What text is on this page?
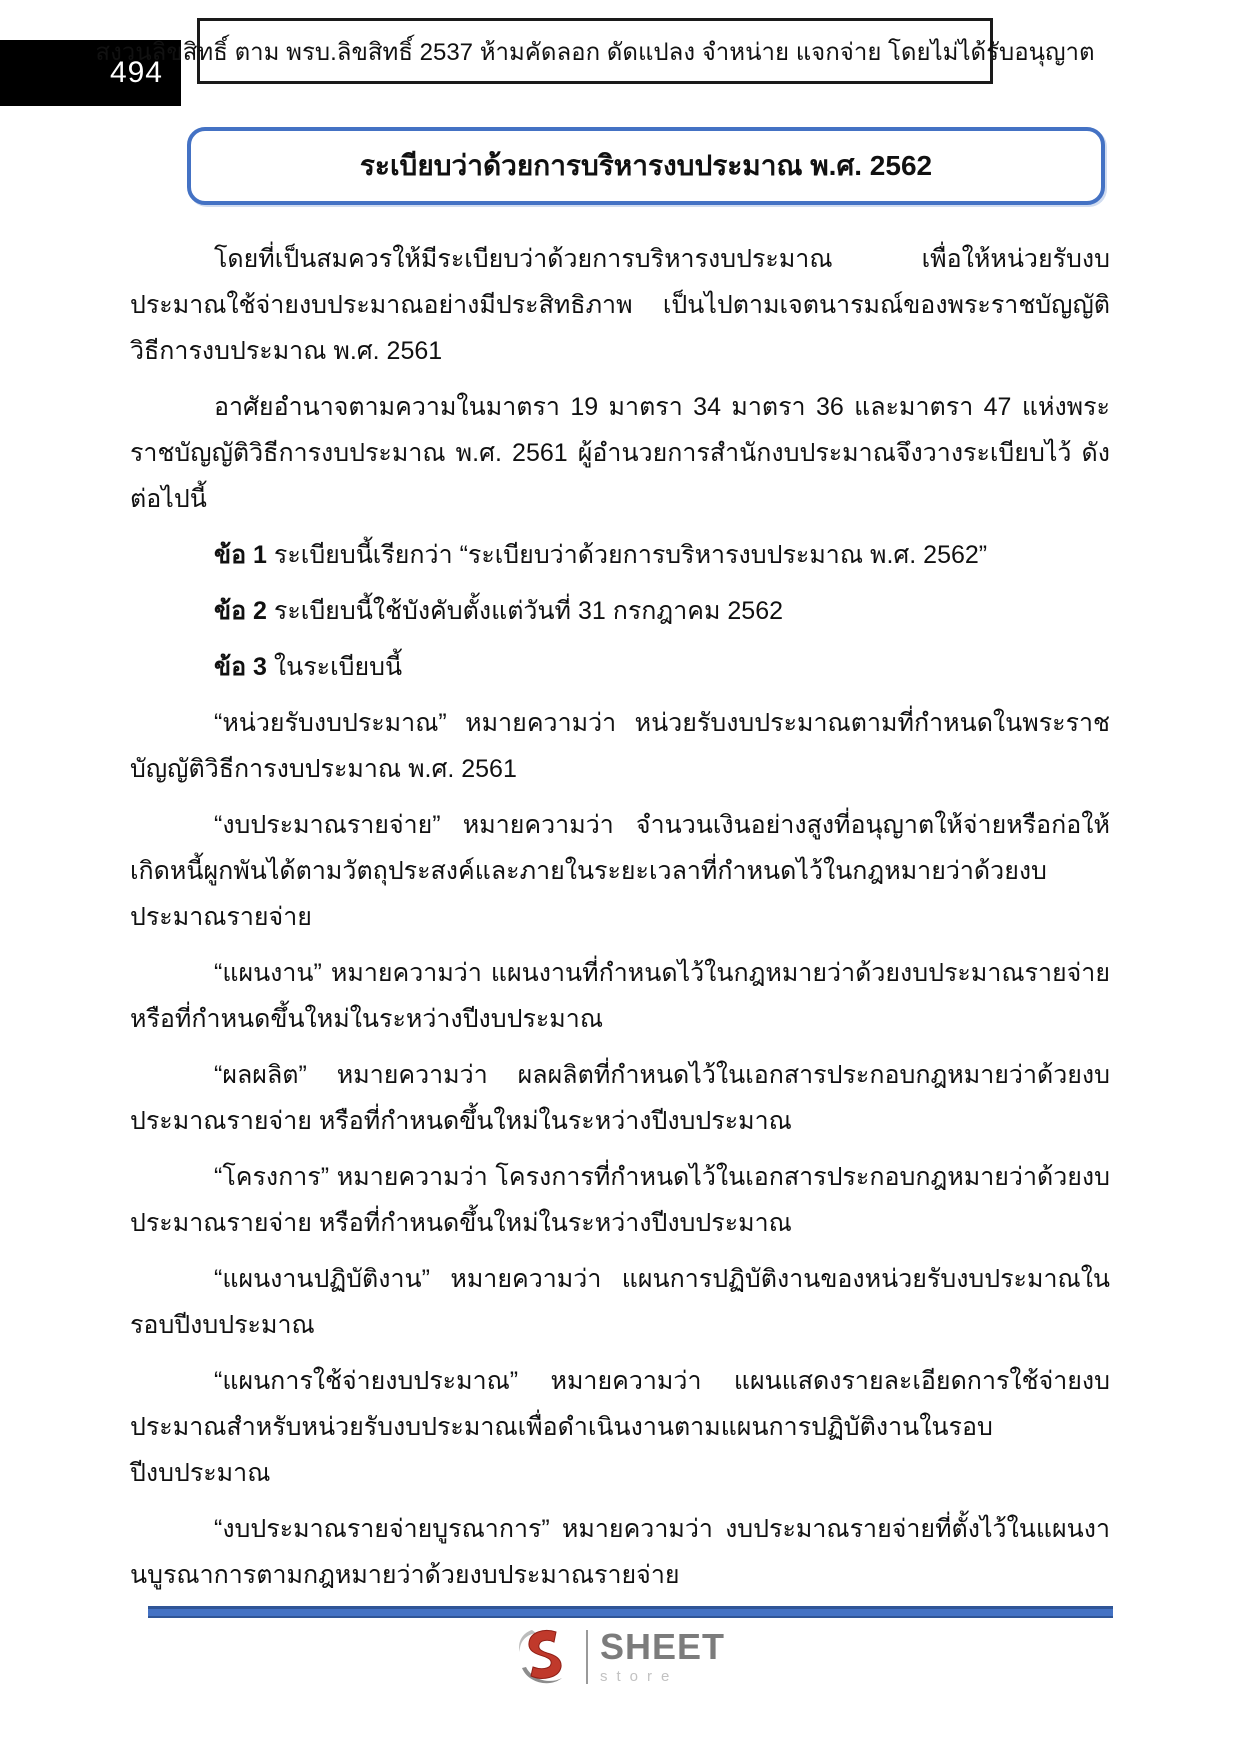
494
สงวนลิขสิทธิ์ ตาม พรบ.ลิขสิทธิ์ 2537 ห้ามคัดลอก ดัดแปลง จำหน่าย แจกจ่าย โดยไม่ได้รับอนุญาต
ระเบียบว่าด้วยการบริหารงบประมาณ พ.ศ. 2562

โดยที่เป็นสมควรให้มีระเบียบว่าด้วยการบริหารงบประมาณ เพื่อให้หน่วยรับงบประมาณใช้จ่ายงบประมาณอย่างมีประสิทธิภาพ เป็นไปตามเจตนารมณ์ของพระราชบัญญัติวิธีการงบประมาณ พ.ศ. 2561

อาศัยอำนาจตามความในมาตรา 19 มาตรา 34 มาตรา 36 และมาตรา 47 แห่งพระราชบัญญัติวิธีการงบประมาณ พ.ศ. 2561 ผู้อำนวยการสำนักงบประมาณจึงวางระเบียบไว้ ดังต่อไปนี้

ข้อ 1 ระเบียบนี้เรียกว่า “ระเบียบว่าด้วยการบริหารงบประมาณ พ.ศ. 2562”

ข้อ 2 ระเบียบนี้ใช้บังคับตั้งแต่วันที่ 31 กรกฎาคม 2562

ข้อ 3 ในระเบียบนี้

“หน่วยรับงบประมาณ” หมายความว่า หน่วยรับงบประมาณตามที่กำหนดในพระราชบัญญัติวิธีการงบประมาณ พ.ศ. 2561

“งบประมาณรายจ่าย” หมายความว่า จำนวนเงินอย่างสูงที่อนุญาตให้จ่ายหรือก่อให้เกิดหนี้ผูกพันได้ตามวัตถุประสงค์และภายในระยะเวลาที่กำหนดไว้ในกฎหมายว่าด้วยงบประมาณรายจ่าย

“แผนงาน” หมายความว่า แผนงานที่กำหนดไว้ในกฎหมายว่าด้วยงบประมาณรายจ่ายหรือที่กำหนดขึ้นใหม่ในระหว่างปีงบประมาณ

“ผลผลิต” หมายความว่า ผลผลิตที่กำหนดไว้ในเอกสารประกอบกฎหมายว่าด้วยงบประมาณรายจ่าย หรือที่กำหนดขึ้นใหม่ในระหว่างปีงบประมาณ

“โครงการ” หมายความว่า โครงการที่กำหนดไว้ในเอกสารประกอบกฎหมายว่าด้วยงบประมาณรายจ่าย หรือที่กำหนดขึ้นใหม่ในระหว่างปีงบประมาณ

“แผนงานปฏิบัติงาน” หมายความว่า แผนการปฏิบัติงานของหน่วยรับงบประมาณในรอบปีงบประมาณ

“แผนการใช้จ่ายงบประมาณ” หมายความว่า แผนแสดงรายละเอียดการใช้จ่ายงบประมาณสำหรับหน่วยรับงบประมาณเพื่อดำเนินงานตามแผนการปฏิบัติงานในรอบปีงบประมาณ

“งบประมาณรายจ่ายบูรณาการ” หมายความว่า งบประมาณรายจ่ายที่ตั้งไว้ในแผนงานบูรณาการตามกฎหมายว่าด้วยงบประมาณรายจ่าย

SHEET
store
